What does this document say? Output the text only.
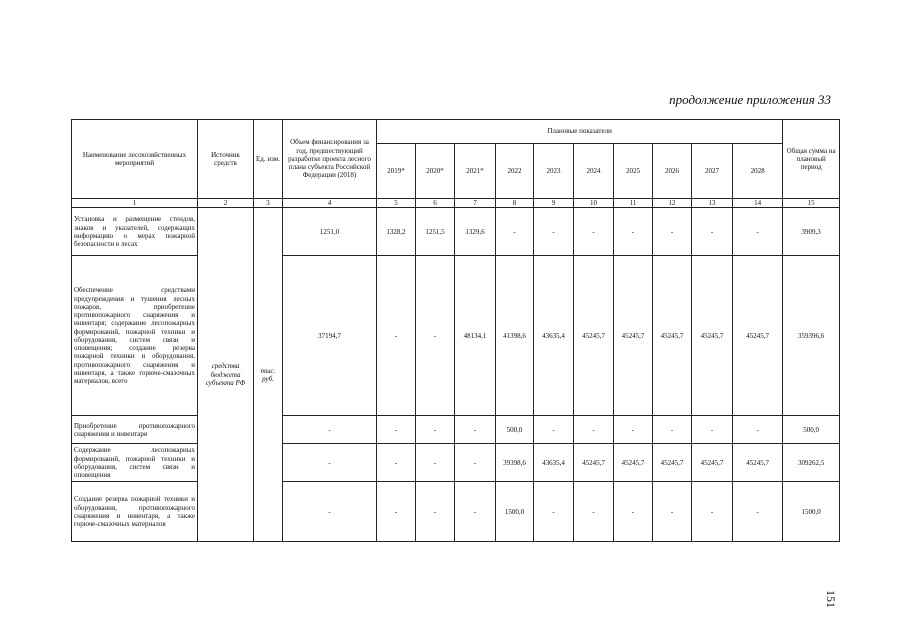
продолжение приложения 33
Наименование лесохозяйственных мероприятий	Источник средств	Ед. изм.	Объем финансирования за год, предшествующий разработке проекта лесного плана субъекта Российской Федерации (2018)	Плановые показатели										Общая сумма на плановый период
				2019*	2020*	2021*	2022	2023	2024	2025	2026	2027	2028	
1	2	3	4	5	6	7	8	9	10	11	12	13	14	15
Установка и размещение стендов, знаков и указателей, содержащих информацию о мерах пожарной безопасности в лесах	средства бюджета субъекта РФ	тыс. руб.	1251,0	1328,2	1251,5	1329,6	-	-	-	-	-	-	-	3909,3
Обеспечение средствами предупреждения и тушения лесных пожаров, приобретение противопожарного снаряжения и инвентаря; содержание лесопожарных формирований, пожарной техники и оборудования, систем связи и оповещения; создание резерва пожарной техники и оборудования, противопожарного снаряжения и инвентаря, а также горюче-смазочных материалов, всего			37194,7	-	-	48134,1	41398,6	43635,4	45245,7	45245,7	45245,7	45245,7	45245,7	359396,6
Приобретение противопожарного снаряжения и инвентаря			-	-	-	-	500,0	-	-	-	-	-	-	500,0
Содержание лесопожарных формирований, пожарной техники и оборудования, систем связи и оповещения			-	-	-	-	39398,6	43635,4	45245,7	45245,7	45245,7	45245,7	45245,7	309262,5
Создание резерва пожарной техники и оборудования, противопожарного снаряжения и инвентаря, а также горюче-смазочных материалов			-	-	-	-	1500,0	-	-	-	-	-	-	1500,0
151
